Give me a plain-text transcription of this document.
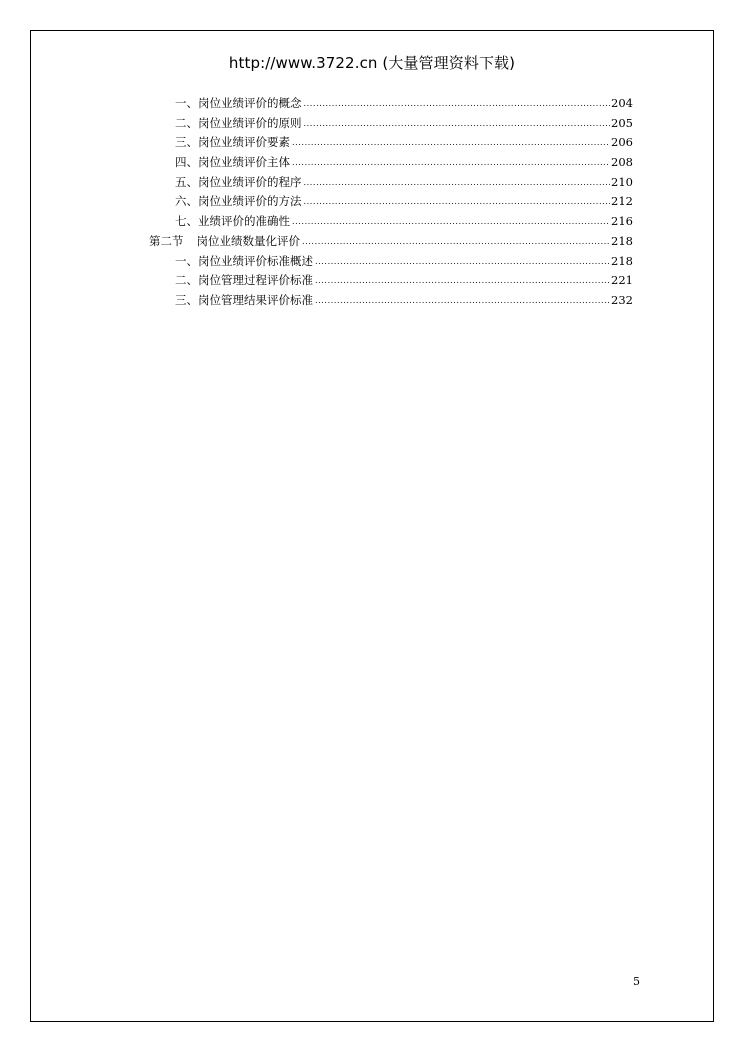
http://www.3722.cn (大量管理资料下载)
一、岗位业绩评价的概念 .....	204
二、岗位业绩评价的原则 .....	205
三、岗位业绩评价要素 .....	206
四、岗位业绩评价主体 .....	208
五、岗位业绩评价的程序 .....	210
六、岗位业绩评价的方法 .....	212
七、业绩评价的准确性 .....	216
第二节 岗位业绩数量化评价 .....	218
一、岗位业绩评价标准概述 .....	218
二、岗位管理过程评价标准 .....	221
三、岗位管理结果评价标准 .....	232
5
